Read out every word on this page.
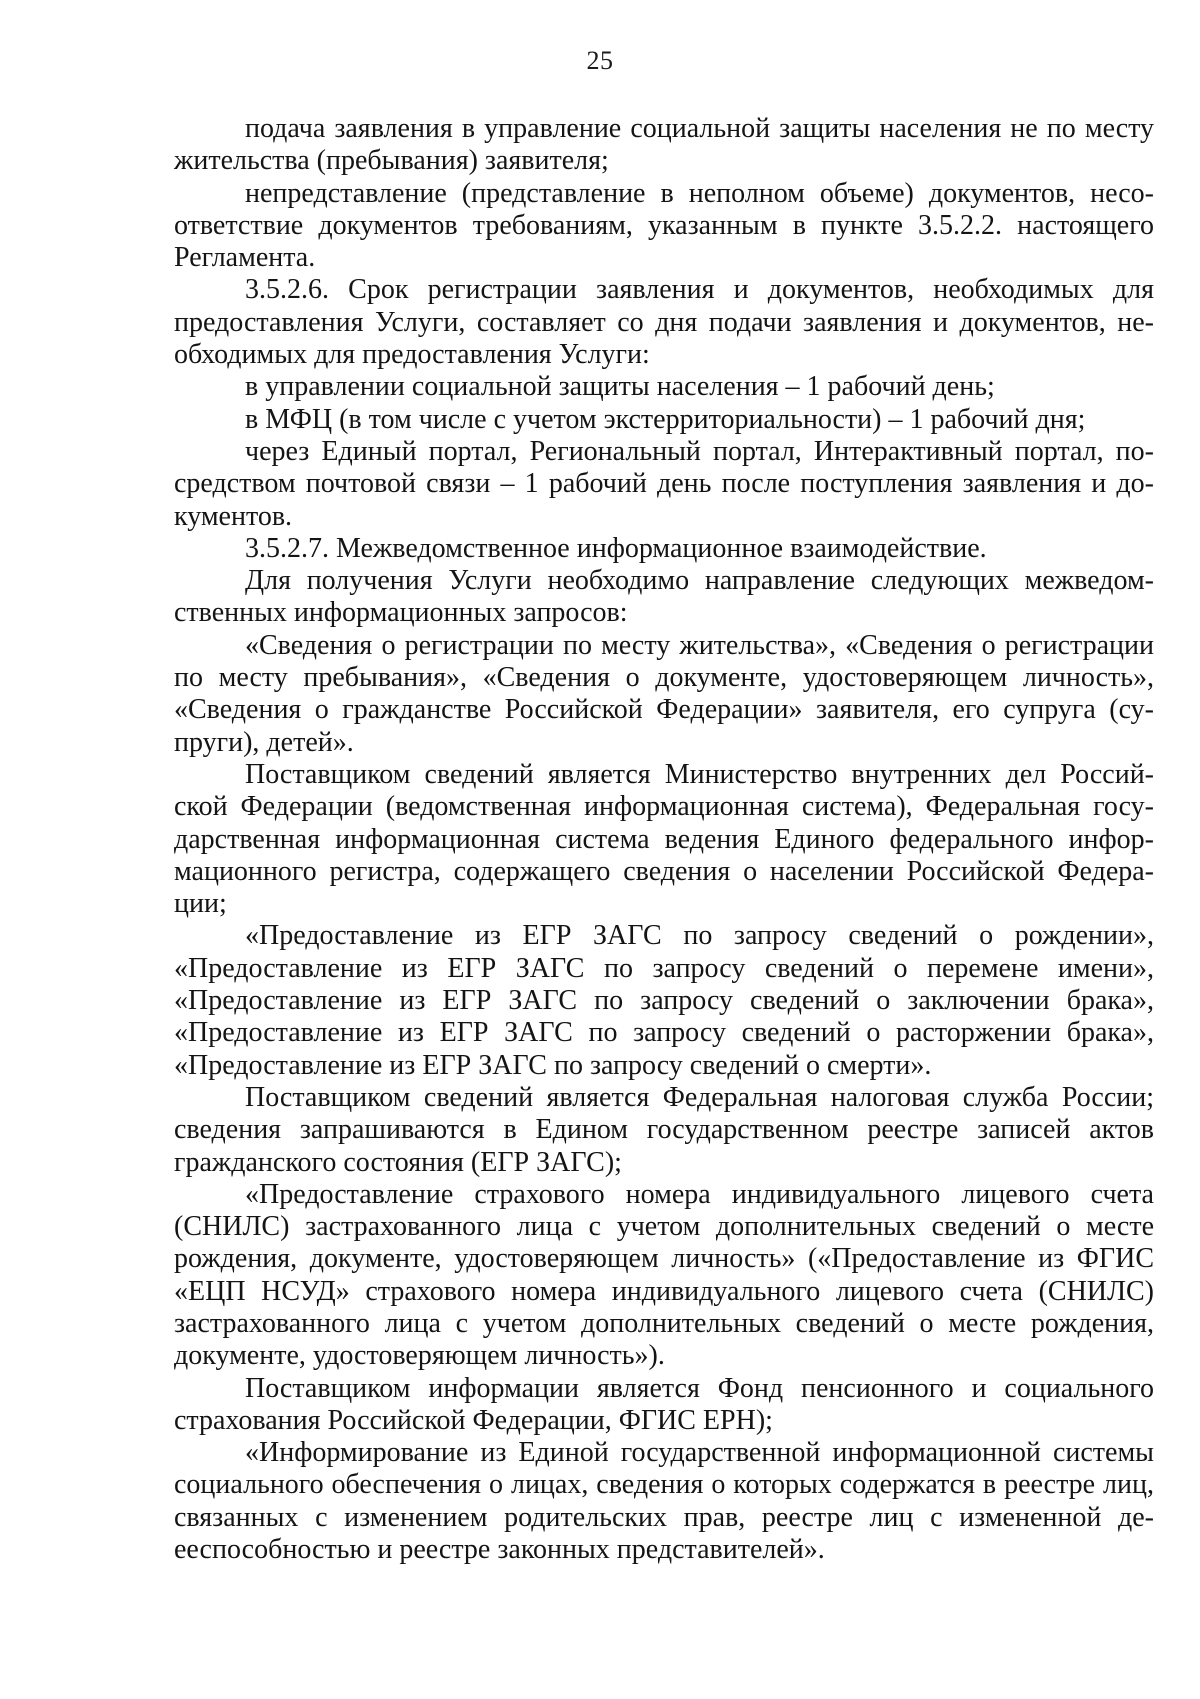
25

подача заявления в управление социальной защиты населения не по месту жительства (пребывания) заявителя;

непредставление (представление в неполном объеме) документов, несоответствие документов требованиям, указанным в пункте 3.5.2.2. настоящего Регламента.

3.5.2.6. Срок регистрации заявления и документов, необходимых для предоставления Услуги, составляет со дня подачи заявления и документов, необходимых для предоставления Услуги:

в управлении социальной защиты населения – 1 рабочий день;

в МФЦ (в том числе с учетом экстерриториальности) – 1 рабочий дня;

через Единый портал, Региональный портал, Интерактивный портал, посредством почтовой связи – 1 рабочий день после поступления заявления и документов.

3.5.2.7. Межведомственное информационное взаимодействие.

Для получения Услуги необходимо направление следующих межведомственных информационных запросов:

«Сведения о регистрации по месту жительства», «Сведения о регистрации по месту пребывания», «Сведения о документе, удостоверяющем личность», «Сведения о гражданстве Российской Федерации» заявителя, его супруга (супруги), детей».

Поставщиком сведений является Министерство внутренних дел Российской Федерации (ведомственная информационная система), Федеральная государственная информационная система ведения Единого федерального информационного регистра, содержащего сведения о населении Российской Федерации;

«Предоставление из ЕГР ЗАГС по запросу сведений о рождении», «Предоставление из ЕГР ЗАГС по запросу сведений о перемене имени», «Предоставление из ЕГР ЗАГС по запросу сведений о заключении брака», «Предоставление из ЕГР ЗАГС по запросу сведений о расторжении брака», «Предоставление из ЕГР ЗАГС по запросу сведений о смерти».

Поставщиком сведений является Федеральная налоговая служба России; сведения запрашиваются в Едином государственном реестре записей актов гражданского состояния (ЕГР ЗАГС);

«Предоставление страхового номера индивидуального лицевого счета (СНИЛС) застрахованного лица с учетом дополнительных сведений о месте рождения, документе, удостоверяющем личность» («Предоставление из ФГИС «ЕЦП НСУД» страхового номера индивидуального лицевого счета (СНИЛС) застрахованного лица с учетом дополнительных сведений о месте рождения, документе, удостоверяющем личность»).

Поставщиком информации является Фонд пенсионного и социального страхования Российской Федерации, ФГИС ЕРН);

«Информирование из Единой государственной информационной системы социального обеспечения о лицах, сведения о которых содержатся в реестре лиц, связанных с изменением родительских прав, реестре лиц с измененной деееспособностью и реестре законных представителей».
